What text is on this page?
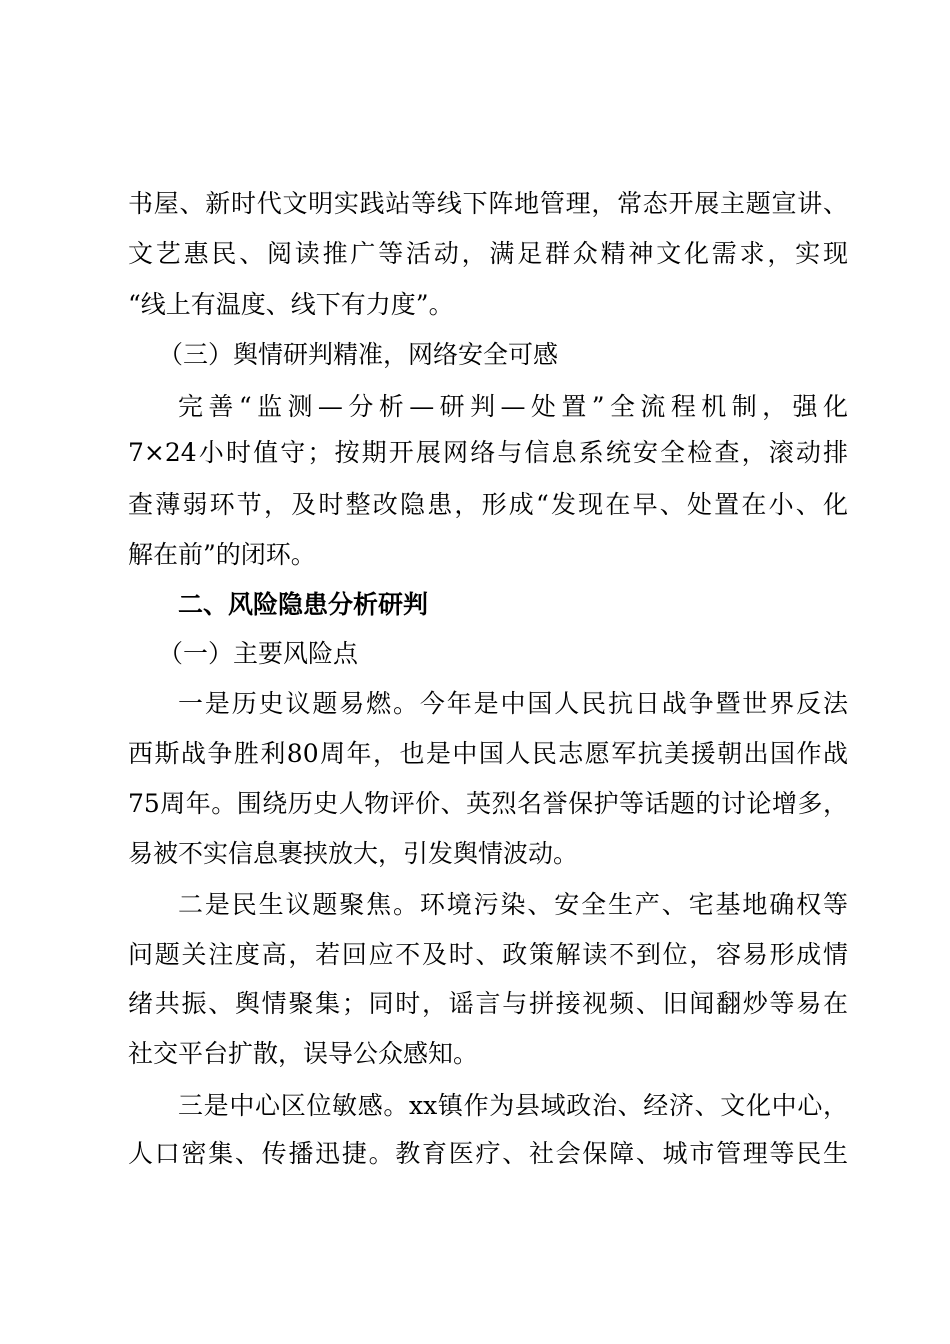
书屋、新时代文明实践站等线下阵地管理，常态开展主题宣讲、
文艺惠民、阅读推广等活动，满足群众精神文化需求，实现
“线上有温度、线下有力度”。
（三）舆情研判精准，网络安全可感
完善“监测—分析—研判—处置”全流程机制，强化
7×24小时值守；按期开展网络与信息系统安全检查，滚动排
查薄弱环节，及时整改隐患，形成“发现在早、处置在小、化
解在前”的闭环。
二、风险隐患分析研判
（一）主要风险点
一是历史议题易燃。今年是中国人民抗日战争暨世界反法
西斯战争胜利80周年，也是中国人民志愿军抗美援朝出国作战
75周年。围绕历史人物评价、英烈名誉保护等话题的讨论增多，
易被不实信息裹挟放大，引发舆情波动。
二是民生议题聚焦。环境污染、安全生产、宅基地确权等
问题关注度高，若回应不及时、政策解读不到位，容易形成情
绪共振、舆情聚集；同时，谣言与拼接视频、旧闻翻炒等易在
社交平台扩散，误导公众感知。
三是中心区位敏感。xx镇作为县域政治、经济、文化中心，
人口密集、传播迅捷。教育医疗、社会保障、城市管理等民生
